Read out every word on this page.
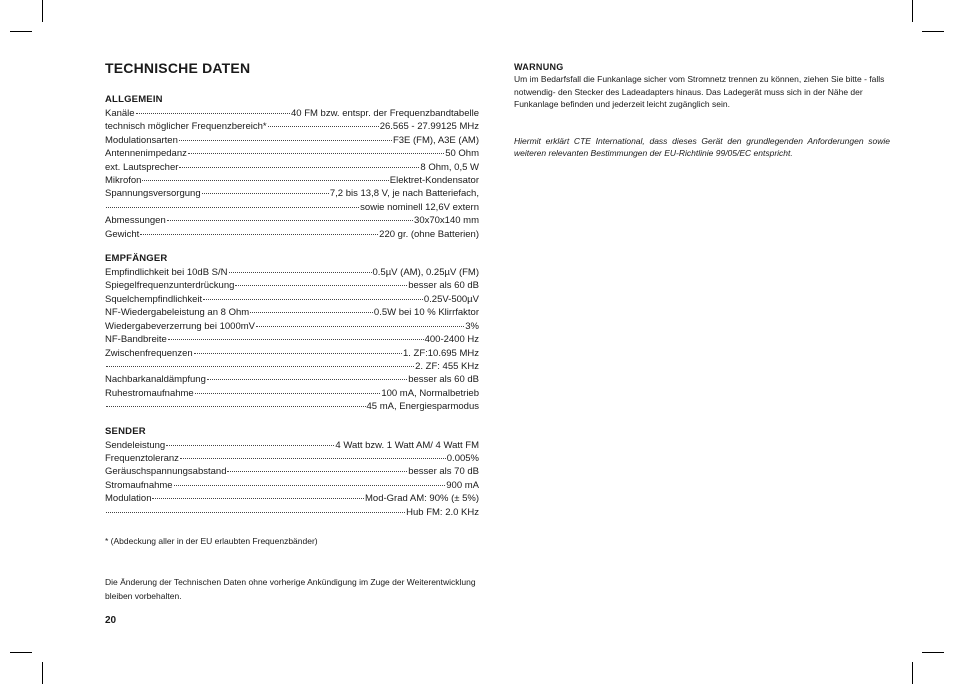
TECHNISCHE DATEN
ALLGEMEIN
Kanäle	40 FM bzw. entspr. der Frequenzbandtabelle
technisch möglicher Frequenzbereich*	26.565 - 27.99125 MHz
Modulationsarten	F3E (FM), A3E (AM)
Antennenimpedanz	50 Ohm
ext. Lautsprecher	8 Ohm, 0,5 W
Mikrofon	Elektret-Kondensator
Spannungsversorgung	7,2 bis 13,8 V, je nach Batteriefach,
sowie nominell 12,6V extern
Abmessungen	30x70x140 mm
Gewicht	220 gr. (ohne Batterien)
EMPFÄNGER
Empfindlichkeit bei 10dB S/N	0.5µV (AM), 0.25µV (FM)
Spiegelfrequenzunterdrückung	besser als 60 dB
Squelchempfindlichkeit	0.25V-500µV
NF-Wiedergabeleistung an 8 Ohm	0.5W bei 10 % Klirrfaktor
Wiedergabeverzerrung bei 1000mV	3%
NF-Bandbreite	400-2400 Hz
Zwischenfrequenzen	1. ZF:10.695 MHz
2. ZF: 455 KHz
Nachbarkanaldämpfung	besser als 60 dB
Ruhestromaufnahme	100 mA, Normalbetrieb
45 mA, Energiesparmodus
SENDER
Sendeleistung	4 Watt bzw. 1 Watt AM/ 4 Watt FM
Frequenztoleranz	0.005%
Geräuschspannungsabstand	besser als 70 dB
Stromaufnahme	900 mA
Modulation	Mod-Grad AM: 90% (± 5%)
Hub FM: 2.0 KHz
* (Abdeckung aller in der EU erlaubten Frequenzbänder)
Die Änderung der Technischen Daten ohne vorherige Ankündigung im Zuge der Weiterentwicklung bleiben vorbehalten.
20
WARNUNG
Um im Bedarfsfall die Funkanlage sicher vom Stromnetz trennen zu können, ziehen Sie bitte - falls notwendig- den Stecker des Ladeadapters hinaus. Das Ladegerät muss sich in der Nähe der Funkanlage befinden und jederzeit leicht zugänglich sein.
Hiermit erklärt CTE International, dass dieses Gerät den grundlegenden Anforderungen sowie weiteren relevanten Bestimmungen der EU-Richtlinie 99/05/EC entspricht.
